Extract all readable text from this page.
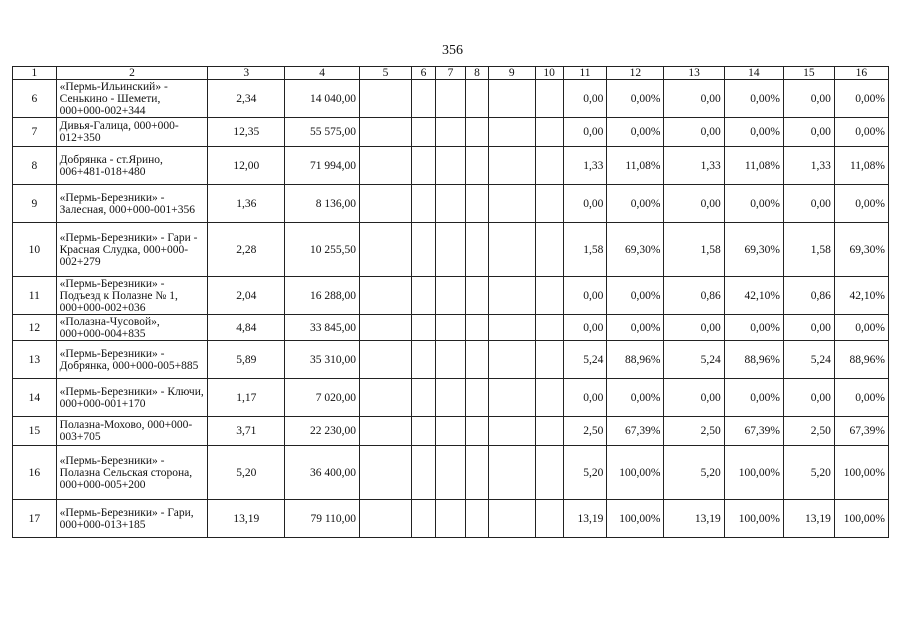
356
1	2	3	4	5	6	7	8	9	10	11	12	13	14	15	16
6	«Пермь-Ильинский» - Сенькино - Шемети, 000+000-002+344	2,34	14 040,00							0,00	0,00%	0,00	0,00%	0,00	0,00%
7	Дивья-Галица, 000+000-012+350	12,35	55 575,00							0,00	0,00%	0,00	0,00%	0,00	0,00%
8	Добрянка - ст.Ярино, 006+481-018+480	12,00	71 994,00							1,33	11,08%	1,33	11,08%	1,33	11,08%
9	«Пермь-Березники» - Залесная, 000+000-001+356	1,36	8 136,00							0,00	0,00%	0,00	0,00%	0,00	0,00%
10	«Пермь-Березники» - Гари - Красная Слудка, 000+000-002+279	2,28	10 255,50							1,58	69,30%	1,58	69,30%	1,58	69,30%
11	«Пермь-Березники» - Подъезд к Полазне № 1, 000+000-002+036	2,04	16 288,00							0,00	0,00%	0,86	42,10%	0,86	42,10%
12	«Полазна-Чусовой», 000+000-004+835	4,84	33 845,00							0,00	0,00%	0,00	0,00%	0,00	0,00%
13	«Пермь-Березники» - Добрянка, 000+000-005+885	5,89	35 310,00							5,24	88,96%	5,24	88,96%	5,24	88,96%
14	«Пермь-Березники» - Ключи, 000+000-001+170	1,17	7 020,00							0,00	0,00%	0,00	0,00%	0,00	0,00%
15	Полазна-Мохово, 000+000-003+705	3,71	22 230,00							2,50	67,39%	2,50	67,39%	2,50	67,39%
16	«Пермь-Березники» - Полазна Сельская сторона, 000+000-005+200	5,20	36 400,00							5,20	100,00%	5,20	100,00%	5,20	100,00%
17	«Пермь-Березники» - Гари, 000+000-013+185	13,19	79 110,00							13,19	100,00%	13,19	100,00%	13,19	100,00%
